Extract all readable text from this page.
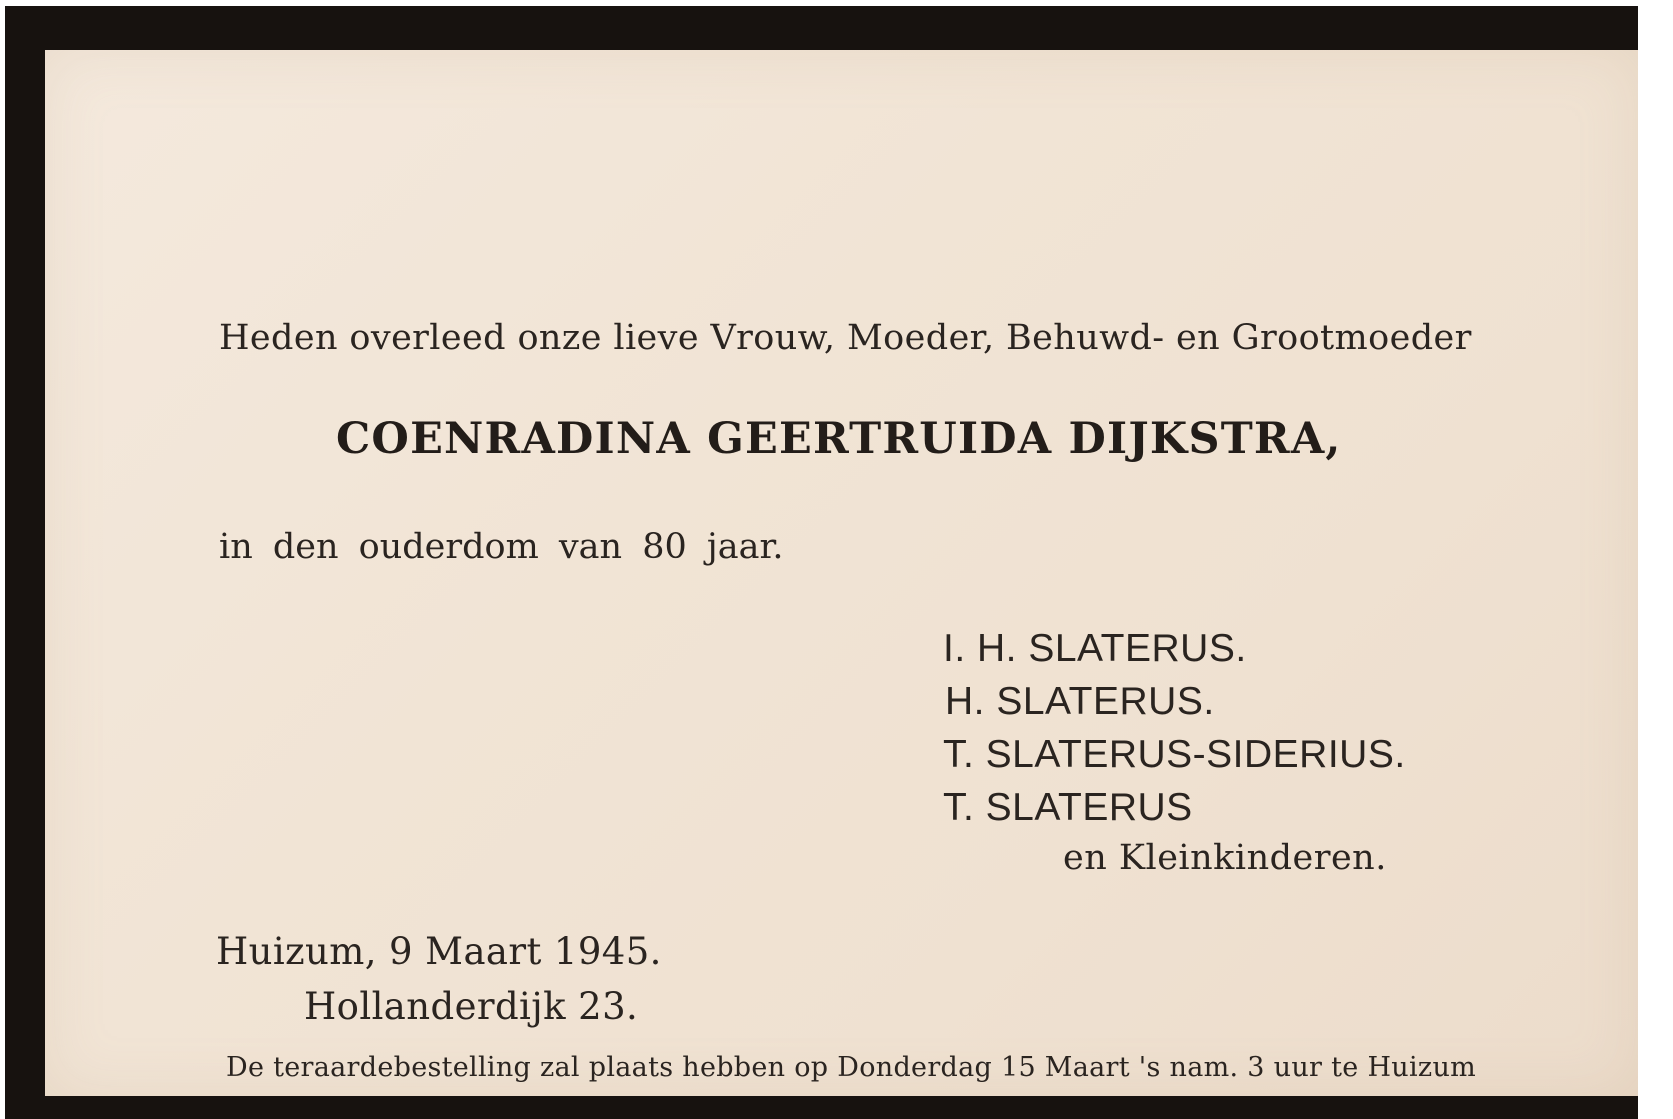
Heden overleed onze lieve Vrouw, Moeder, Behuwd- en Grootmoeder

COENRADINA GEERTRUIDA DIJKSTRA,

in den ouderdom van 80 jaar.

I. H. SLATERUS.
H. SLATERUS.
T. SLATERUS-SIDERIUS.
T. SLATERUS

en Kleinkinderen.

Huizum, 9 Maart 1945.

Hollanderdijk 23.

De teraardebestelling zal plaats hebben op Donderdag 15 Maart 's nam. 3 uur te Huizum
